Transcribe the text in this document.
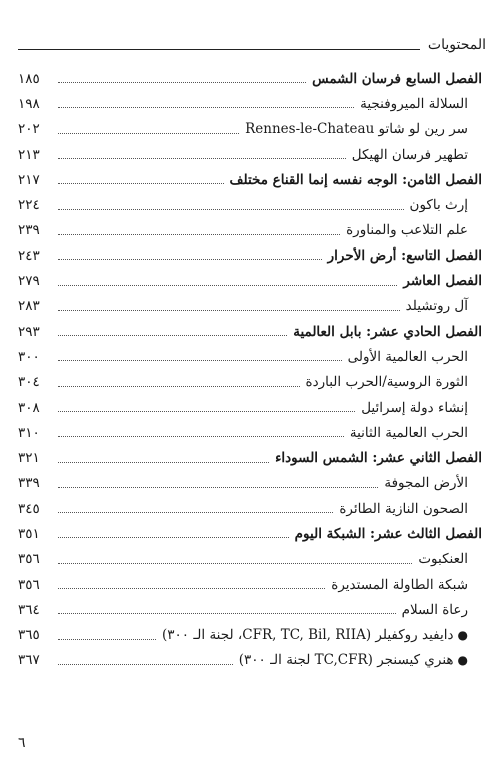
المحتويات
الفصل السابع فرسان الشمس
١٨٥
السلالة الميروفنجية
١٩٨
سر رين لو شاتو Rennes-le-Chateau
٢٠٢
تطهير فرسان الهيكل
٢١٣
الفصل الثامن: الوجه نفسه إنما القناع مختلف
٢١٧
إرث باكون
٢٢٤
علم التلاعب والمناورة
٢٣٩
الفصل التاسع: أرض الأحرار
٢٤٣
الفصل العاشر
٢٧٩
آل روتشيلد
٢٨٣
الفصل الحادي عشر: بابل العالمية
٢٩٣
الحرب العالمية الأولى
٣٠٠
الثورة الروسية/الحرب الباردة
٣٠٤
إنشاء دولة إسرائيل
٣٠٨
الحرب العالمية الثانية
٣١٠
الفصل الثاني عشر: الشمس السوداء
٣٢١
الأرض المجوفة
٣٣٩
الصحون النازية الطائرة
٣٤٥
الفصل الثالث عشر: الشبكة اليوم
٣٥١
العنكبوت
٣٥٦
شبكة الطاولة المستديرة
٣٥٦
رعاة السلام
٣٦٤
●دايفيد روكفيلر (CFR, TC, Bil, RIIA، لجنة الـ ٣٠٠)
٣٦٥
●هنري كيسنجر (TC,CFR لجنة الـ ٣٠٠)
٣٦٧
٦
